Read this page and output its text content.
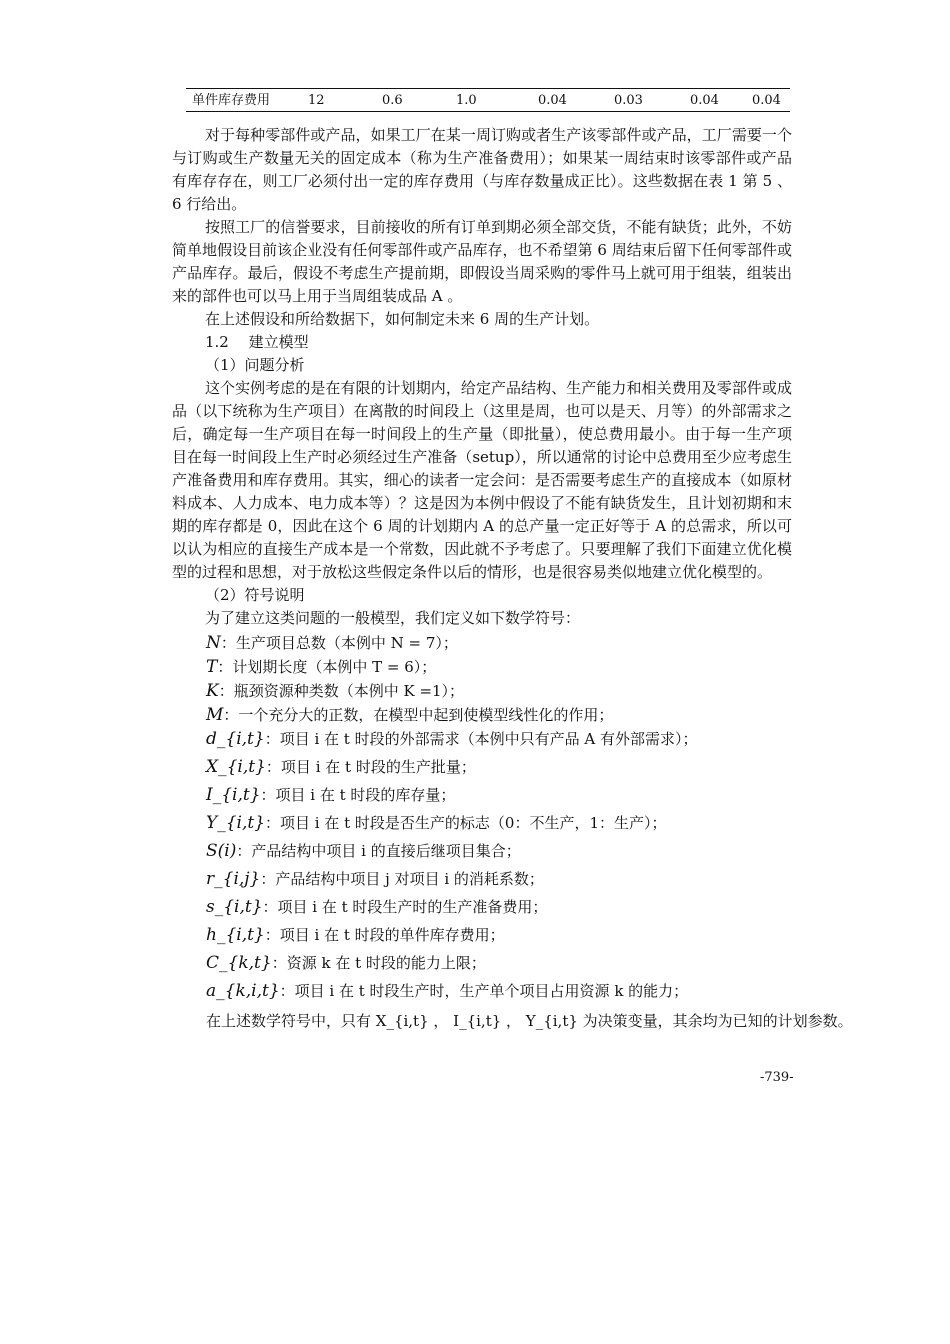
单件库存费用	12	0.6	1.0	0.04	0.03	0.04	0.04

对于每种零部件或产品，如果工厂在某一周订购或者生产该零部件或产品，工厂需要一个与订购或生产数量无关的固定成本（称为生产准备费用）；如果某一周结束时该零部件或产品有库存存在，则工厂必须付出一定的库存费用（与库存数量成正比）。这些数据在表 1 第 5 、6 行给出。

按照工厂的信誉要求，目前接收的所有订单到期必须全部交货，不能有缺货；此外，不妨简单地假设目前该企业没有任何零部件或产品库存，也不希望第 6 周结束后留下任何零部件或产品库存。最后，假设不考虑生产提前期，即假设当周采购的零件马上就可用于组装，组装出来的部件也可以马上用于当周组装成品 A 。

在上述假设和所给数据下，如何制定未来 6 周的生产计划。

1.2　 建立模型

（1）问题分析

这个实例考虑的是在有限的计划期内，给定产品结构、生产能力和相关费用及零部件或成品（以下统称为生产项目）在离散的时间段上（这里是周，也可以是天、月等）的外部需求之后，确定每一生产项目在每一时间段上的生产量（即批量），使总费用最小。由于每一生产项目在每一时间段上生产时必须经过生产准备（setup），所以通常的讨论中总费用至少应考虑生产准备费用和库存费用。其实，细心的读者一定会问：是否需要考虑生产的直接成本（如原材料成本、人力成本、电力成本等）？这是因为本例中假设了不能有缺货发生，且计划初期和末期的库存都是 0，因此在这个 6 周的计划期内 A 的总产量一定正好等于 A 的总需求，所以可以认为相应的直接生产成本是一个常数，因此就不予考虑了。只要理解了我们下面建立优化模型的过程和思想，对于放松这些假定条件以后的情形，也是很容易类似地建立优化模型的。

（2）符号说明

为了建立这类问题的一般模型，我们定义如下数学符号：

N：生产项目总数（本例中 N = 7）；
T：计划期长度（本例中 T = 6）；
K：瓶颈资源种类数（本例中 K =1）；
M：一个充分大的正数，在模型中起到使模型线性化的作用；
d_{i,t}：项目 i 在 t 时段的外部需求（本例中只有产品 A 有外部需求）；
X_{i,t}：项目 i 在 t 时段的生产批量；
I_{i,t}：项目 i 在 t 时段的库存量；
Y_{i,t}：项目 i 在 t 时段是否生产的标志（0：不生产，1：生产）；
S(i)：产品结构中项目 i 的直接后继项目集合；
r_{i,j}：产品结构中项目 j 对项目 i 的消耗系数；
s_{i,t}：项目 i 在 t 时段生产时的生产准备费用；
h_{i,t}：项目 i 在 t 时段的单件库存费用；
C_{k,t}：资源 k 在 t 时段的能力上限；
a_{k,i,t}：项目 i 在 t 时段生产时，生产单个项目占用资源 k 的能力；
在上述数学符号中，只有 X_{i,t} ， I_{i,t} ， Y_{i,t} 为决策变量，其余均为已知的计划参数。
-739-
